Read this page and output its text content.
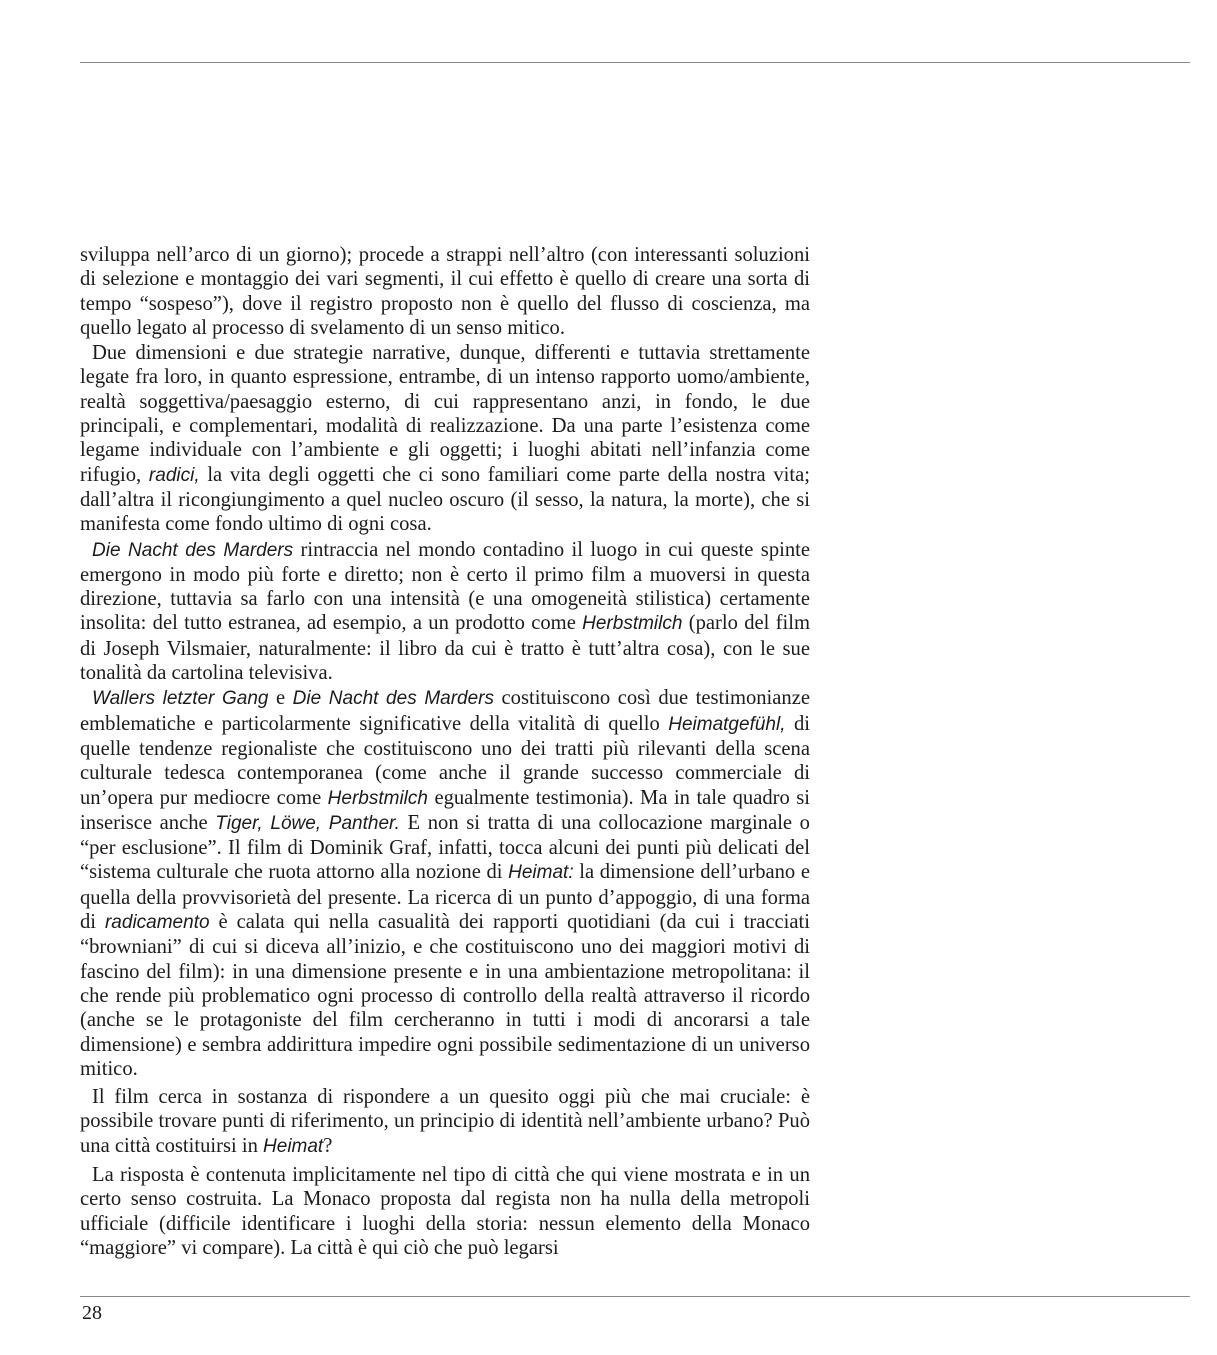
sviluppa nell’arco di un giorno); procede a strappi nell’altro (con interessanti soluzioni di selezione e montaggio dei vari segmenti, il cui effetto è quello di creare una sorta di tempo “sospeso”), dove il registro proposto non è quello del flusso di coscienza, ma quello legato al processo di svelamento di un senso mitico.

Due dimensioni e due strategie narrative, dunque, differenti e tuttavia strettamente legate fra loro, in quanto espressione, entrambe, di un intenso rapporto uomo/ambiente, realtà soggettiva/paesaggio esterno, di cui rappresentano anzi, in fondo, le due principali, e complementari, modalità di realizzazione. Da una parte l’esistenza come legame individuale con l’ambiente e gli oggetti; i luoghi abitati nell’infanzia come rifugio, radici, la vita degli oggetti che ci sono familiari come parte della nostra vita; dall’altra il ricongiungimento a quel nucleo oscuro (il sesso, la natura, la morte), che si manifesta come fondo ultimo di ogni cosa.

Die Nacht des Marders rintraccia nel mondo contadino il luogo in cui queste spinte emergono in modo più forte e diretto; non è certo il primo film a muoversi in questa direzione, tuttavia sa farlo con una intensità (e una omogeneità stilistica) certamente insolita: del tutto estranea, ad esempio, a un prodotto come Herbstmilch (parlo del film di Joseph Vilsmaier, naturalmente: il libro da cui è tratto è tutt’altra cosa), con le sue tonalità da cartolina televisiva.

Wallers letzter Gang e Die Nacht des Marders costituiscono così due testimonianze emblematiche e particolarmente significative della vitalità di quello Heimatgefühl, di quelle tendenze regionaliste che costituiscono uno dei tratti più rilevanti della scena culturale tedesca contemporanea (come anche il grande successo commerciale di un’opera pur mediocre come Herbstmilch egualmente testimonia). Ma in tale quadro si inserisce anche Tiger, Löwe, Panther. E non si tratta di una collocazione marginale o “per esclusione”. Il film di Dominik Graf, infatti, tocca alcuni dei punti più delicati del “sistema culturale che ruota attorno alla nozione di Heimat: la dimensione dell’urbano e quella della provvisorietà del presente. La ricerca di un punto d’appoggio, di una forma di radicamento è calata qui nella casualità dei rapporti quotidiani (da cui i tracciati “browniani” di cui si diceva all’inizio, e che costituiscono uno dei maggiori motivi di fascino del film): in una dimensione presente e in una ambientazione metropolitana: il che rende più problematico ogni processo di controllo della realtà attraverso il ricordo (anche se le protagoniste del film cercheranno in tutti i modi di ancorarsi a tale dimensione) e sembra addirittura impedire ogni possibile sedimentazione di un universo mitico.

Il film cerca in sostanza di rispondere a un quesito oggi più che mai cruciale: è possibile trovare punti di riferimento, un principio di identità nell’ambiente urbano? Può una città costituirsi in Heimat?

La risposta è contenuta implicitamente nel tipo di città che qui viene mostrata e in un certo senso costruita. La Monaco proposta dal regista non ha nulla della metropoli ufficiale (difficile identificare i luoghi della storia: nessun elemento della Monaco “maggiore” vi compare). La città è qui ciò che può legarsi

28
